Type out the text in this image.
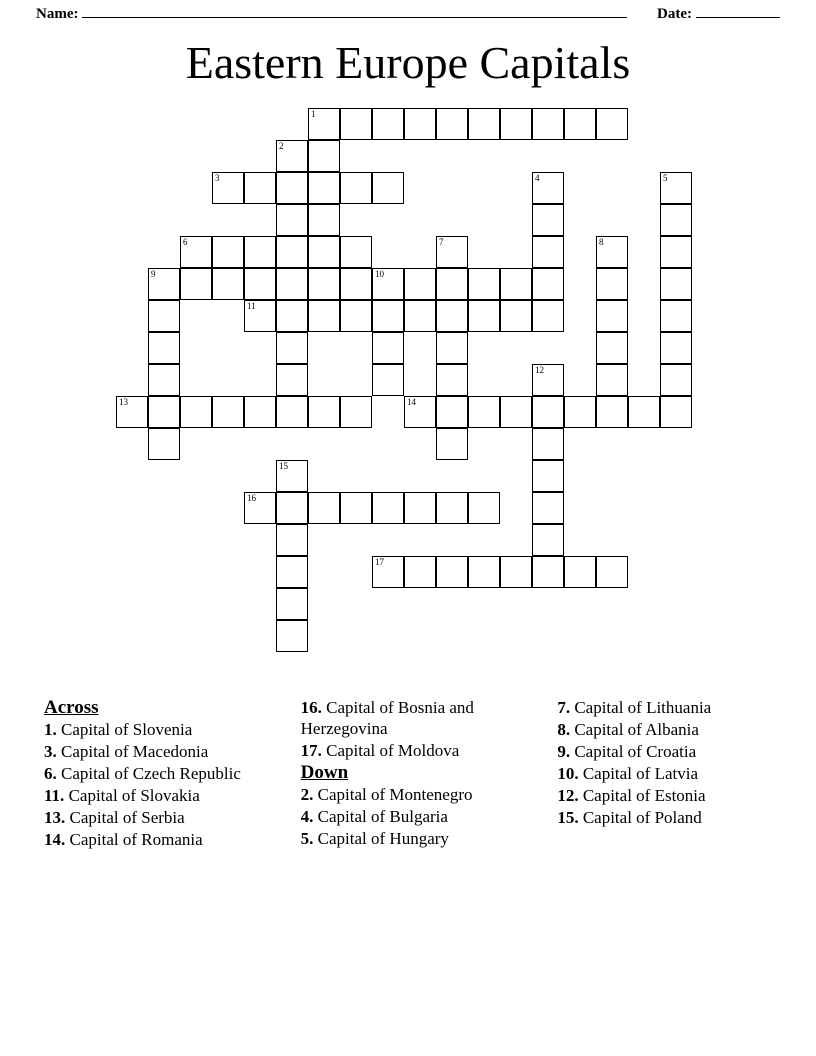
Name:	Date:
Eastern Europe Capitals
1
2
3	4	5
6	7	8
9	10
11
12
13	14
15
16
17
Across
1. Capital of Slovenia
3. Capital of Macedonia
6. Capital of Czech Republic
11. Capital of Slovakia
13. Capital of Serbia
14. Capital of Romania
16. Capital of Bosnia and Herzegovina
17. Capital of Moldova
Down
2. Capital of Montenegro
4. Capital of Bulgaria
5. Capital of Hungary
7. Capital of Lithuania
8. Capital of Albania
9. Capital of Croatia
10. Capital of Latvia
12. Capital of Estonia
15. Capital of Poland
